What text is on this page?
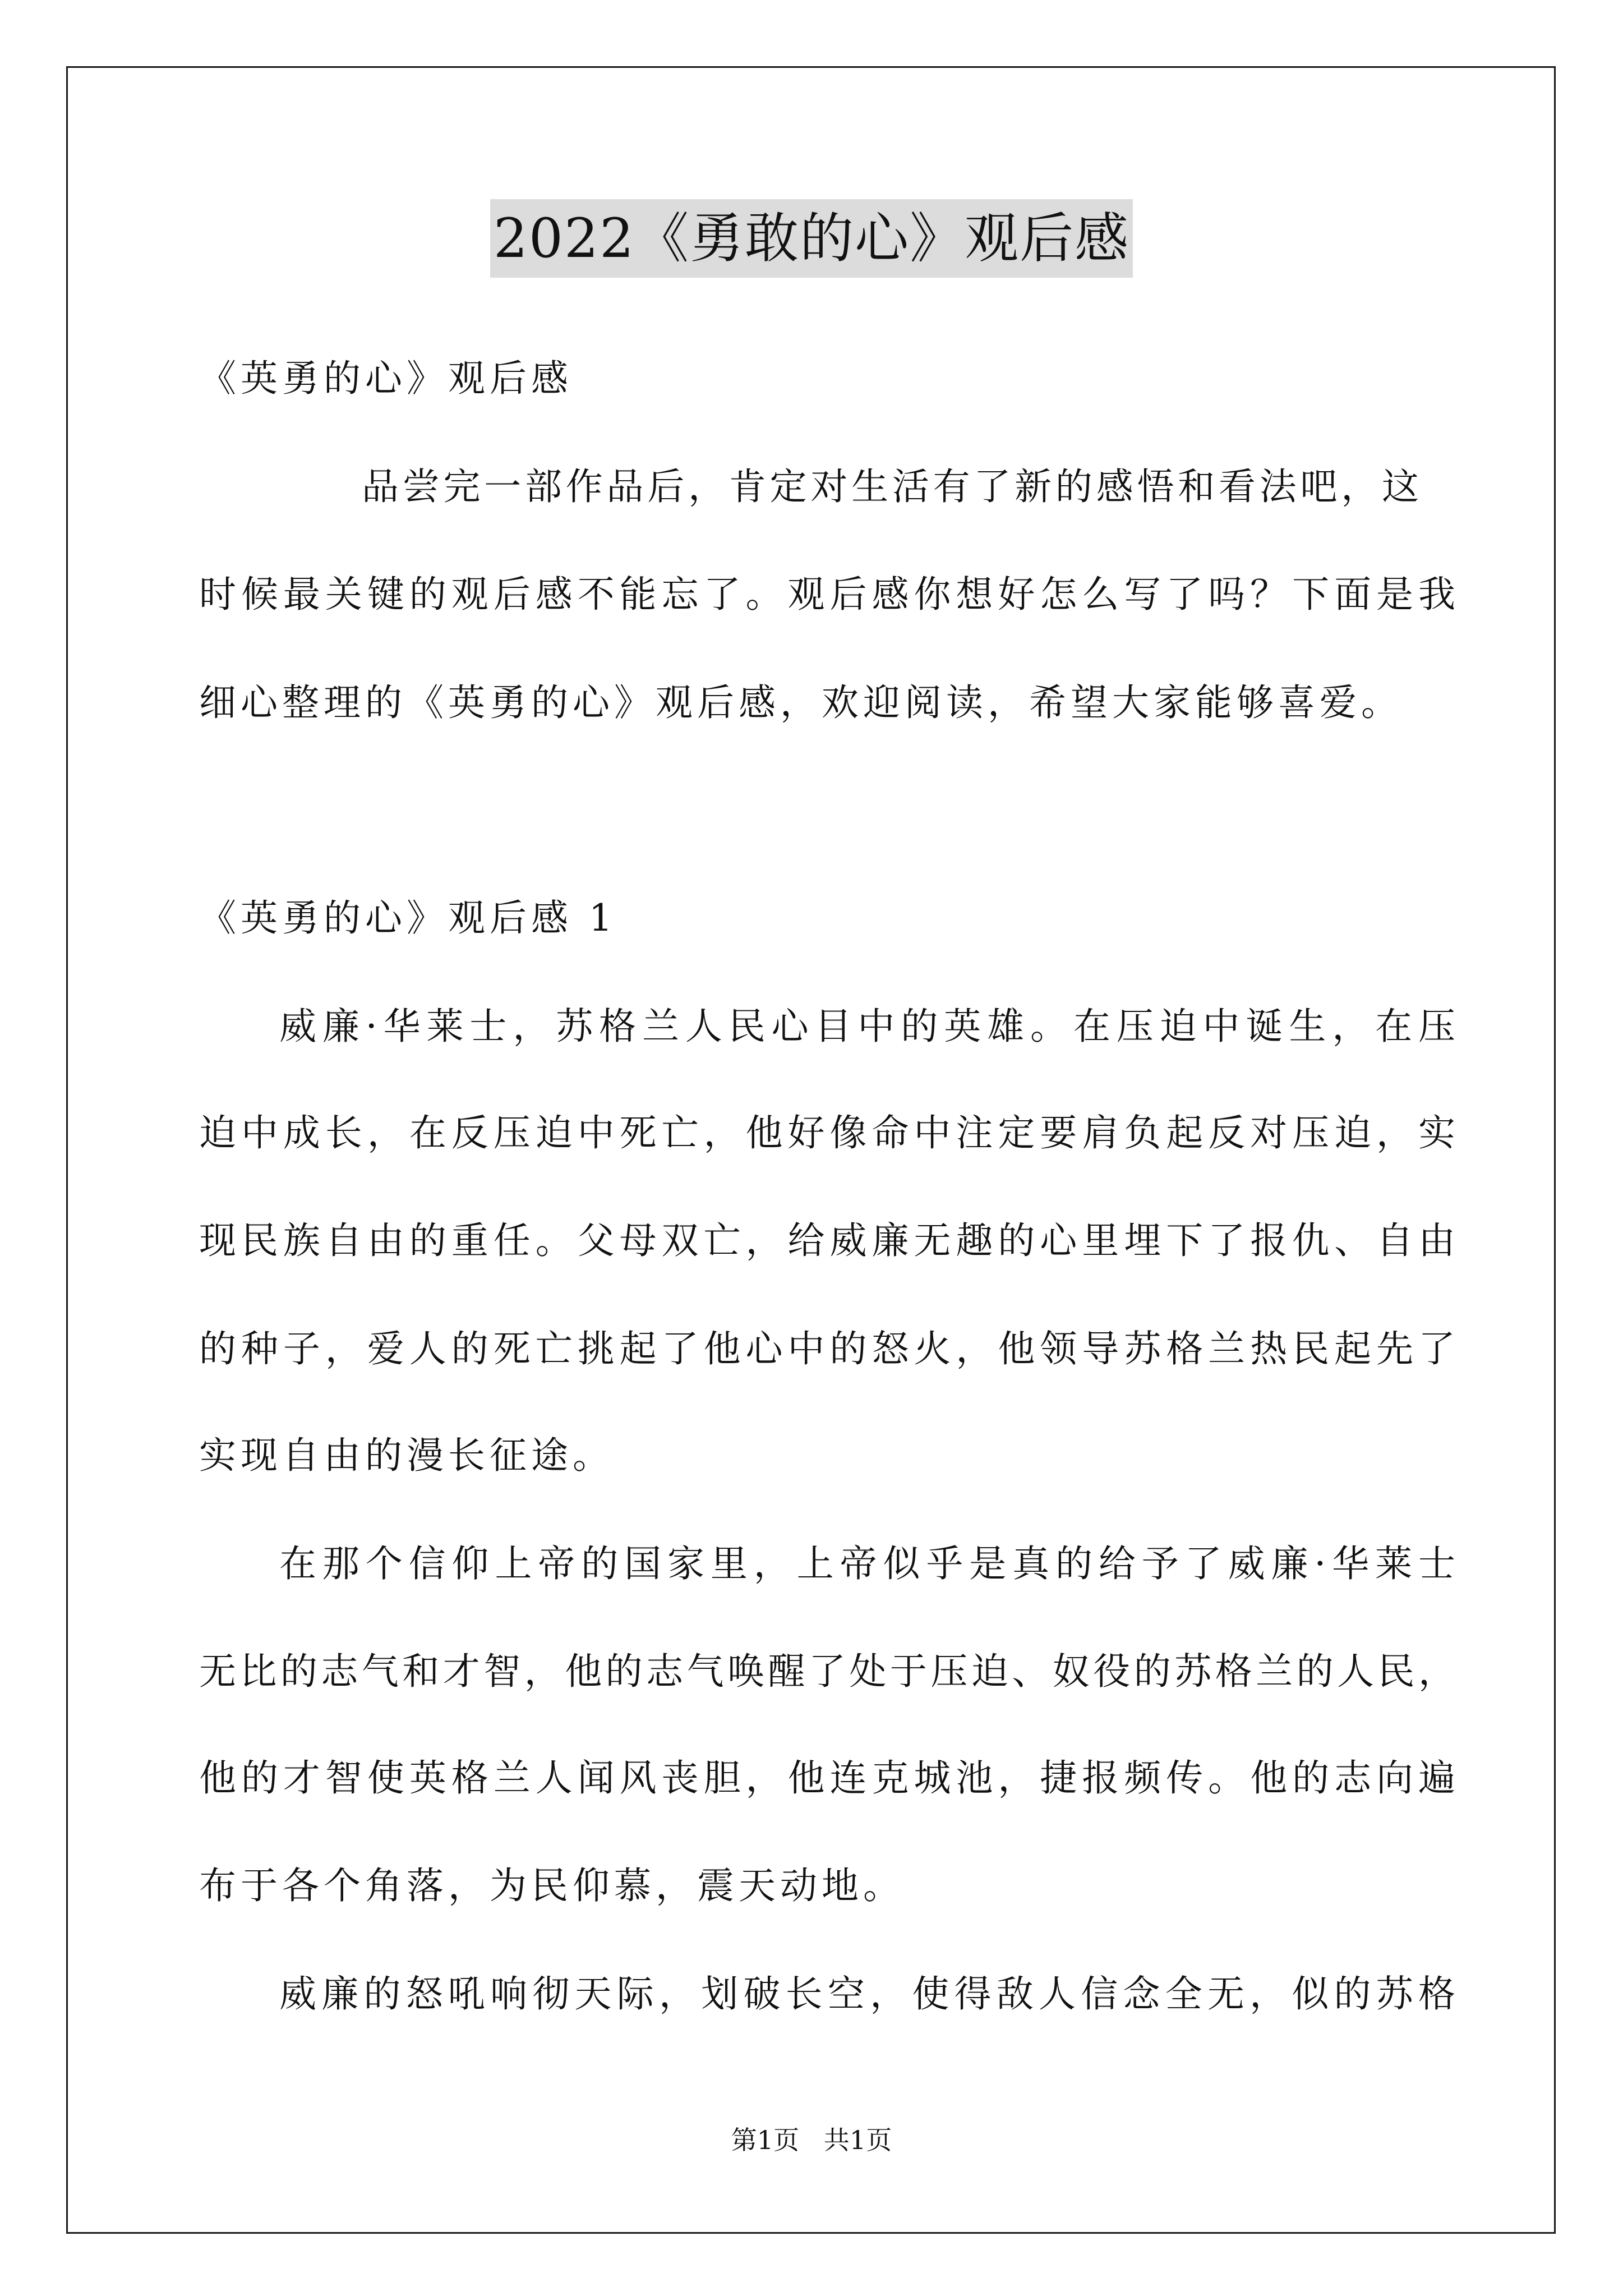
2022《勇敢的心》观后感
《英勇的心》观后感
品尝完一部作品后，肯定对生活有了新的感悟和看法吧，这
时候最关键的观后感不能忘了。观后感你想好怎么写了吗？下面是我
细心整理的《英勇的心》观后感，欢迎阅读，希望大家能够喜爱。
《英勇的心》观后感 1
威廉·华莱士，苏格兰人民心目中的英雄。在压迫中诞生，在压
迫中成长，在反压迫中死亡，他好像命中注定要肩负起反对压迫，实
现民族自由的重任。父母双亡，给威廉无趣的心里埋下了报仇、自由
的种子，爱人的死亡挑起了他心中的怒火，他领导苏格兰热民起先了
实现自由的漫长征途。
在那个信仰上帝的国家里，上帝似乎是真的给予了威廉·华莱士
无比的志气和才智，他的志气唤醒了处于压迫、奴役的苏格兰的人民，
他的才智使英格兰人闻风丧胆，他连克城池，捷报频传。他的志向遍
布于各个角落，为民仰慕，震天动地。
威廉的怒吼响彻天际，划破长空，使得敌人信念全无，似的苏格
第1页   共1页
